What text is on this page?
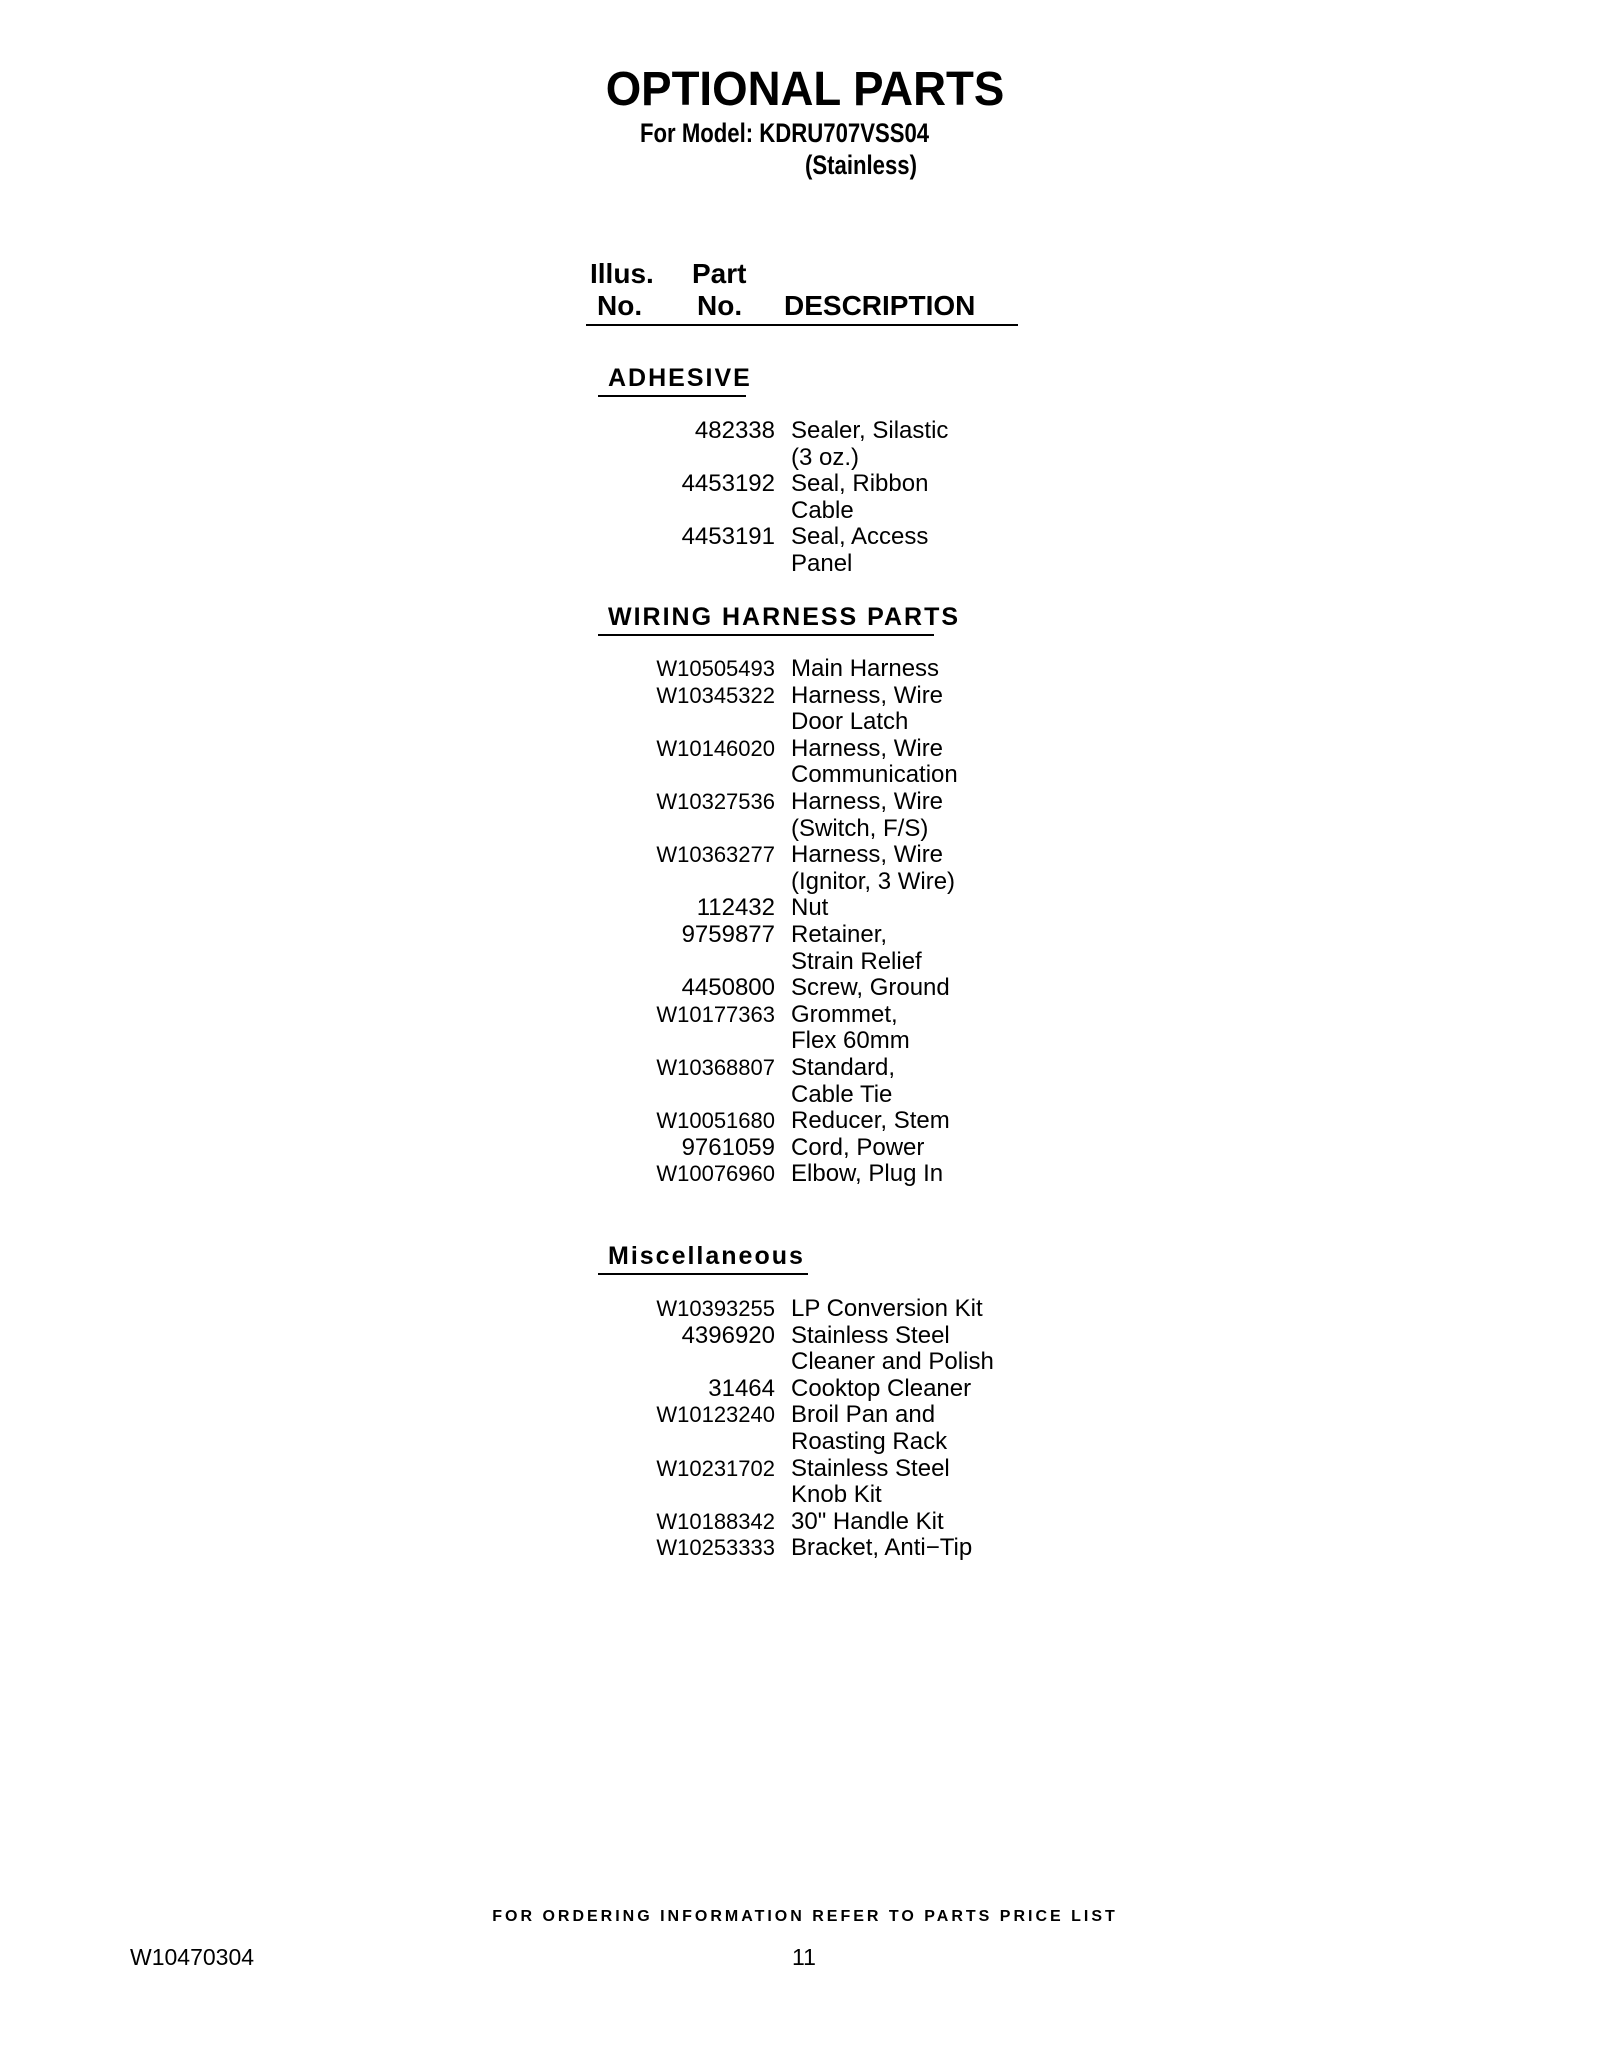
OPTIONAL PARTS
For Model: KDRU707VSS04
(Stainless)
Illus.
No.
Part
No. DESCRIPTION
ADHESIVE
482338 Sealer, Silastic
(3 oz.)
4453192 Seal, Ribbon
Cable
4453191 Seal, Access
Panel
WIRING HARNESS PARTS
W10505493 Main Harness
W10345322 Harness, Wire
Door Latch
W10146020 Harness, Wire
Communication
W10327536 Harness, Wire
(Switch, F/S)
W10363277 Harness, Wire
(Ignitor, 3 Wire)
112432 Nut
9759877 Retainer,
Strain Relief
4450800 Screw, Ground
W10177363 Grommet,
Flex 60mm
W10368807 Standard,
Cable Tie
W10051680 Reducer, Stem
9761059 Cord, Power
W10076960 Elbow, Plug In
Miscellaneous
W10393255 LP Conversion Kit
4396920 Stainless Steel
Cleaner and Polish
31464 Cooktop Cleaner
W10123240 Broil Pan and
Roasting Rack
W10231702 Stainless Steel
Knob Kit
W10188342 30" Handle Kit
W10253333 Bracket, Anti−Tip
FOR ORDERING INFORMATION REFER TO PARTS PRICE LIST
W10470304	11
